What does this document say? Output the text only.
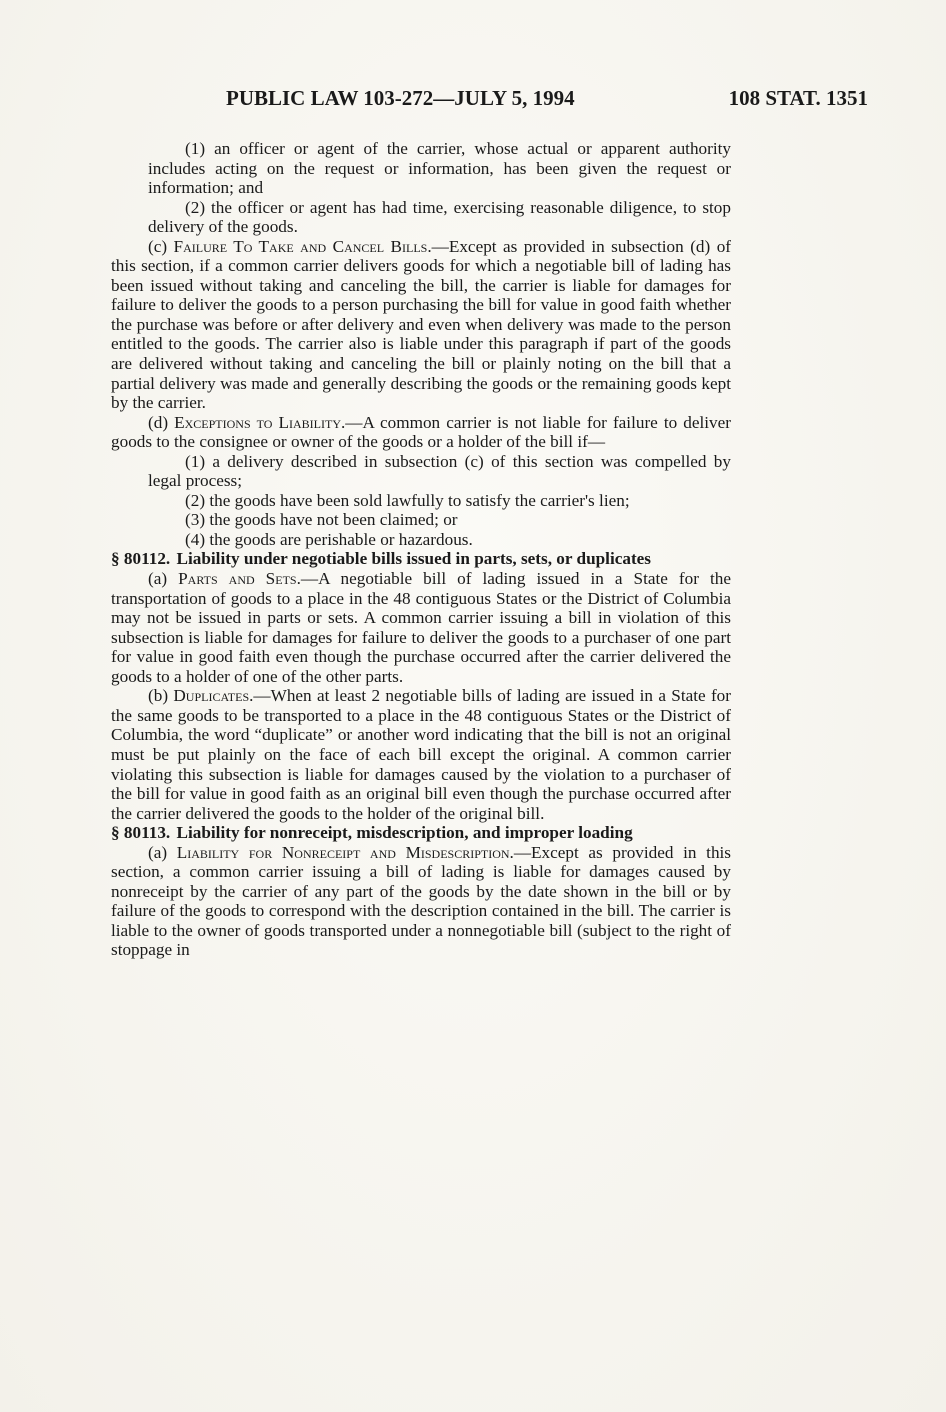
PUBLIC LAW 103-272—JULY 5, 1994	108 STAT. 1351

(1) an officer or agent of the carrier, whose actual or apparent authority includes acting on the request or information, has been given the request or information; and

(2) the officer or agent has had time, exercising reasonable diligence, to stop delivery of the goods.

(c) Failure To Take and Cancel Bills.—Except as provided in subsection (d) of this section, if a common carrier delivers goods for which a negotiable bill of lading has been issued without taking and canceling the bill, the carrier is liable for damages for failure to deliver the goods to a person purchasing the bill for value in good faith whether the purchase was before or after delivery and even when delivery was made to the person entitled to the goods. The carrier also is liable under this paragraph if part of the goods are delivered without taking and canceling the bill or plainly noting on the bill that a partial delivery was made and generally describing the goods or the remaining goods kept by the carrier.

(d) Exceptions to Liability.—A common carrier is not liable for failure to deliver goods to the consignee or owner of the goods or a holder of the bill if—

(1) a delivery described in subsection (c) of this section was compelled by legal process;

(2) the goods have been sold lawfully to satisfy the carrier's lien;

(3) the goods have not been claimed; or

(4) the goods are perishable or hazardous.

§ 80112. Liability under negotiable bills issued in parts, sets, or duplicates

(a) Parts and Sets.—A negotiable bill of lading issued in a State for the transportation of goods to a place in the 48 contiguous States or the District of Columbia may not be issued in parts or sets. A common carrier issuing a bill in violation of this subsection is liable for damages for failure to deliver the goods to a purchaser of one part for value in good faith even though the purchase occurred after the carrier delivered the goods to a holder of one of the other parts.

(b) Duplicates.—When at least 2 negotiable bills of lading are issued in a State for the same goods to be transported to a place in the 48 contiguous States or the District of Columbia, the word “duplicate” or another word indicating that the bill is not an original must be put plainly on the face of each bill except the original. A common carrier violating this subsection is liable for damages caused by the violation to a purchaser of the bill for value in good faith as an original bill even though the purchase occurred after the carrier delivered the goods to the holder of the original bill.

§ 80113. Liability for nonreceipt, misdescription, and improper loading

(a) Liability for Nonreceipt and Misdescription.—Except as provided in this section, a common carrier issuing a bill of lading is liable for damages caused by nonreceipt by the carrier of any part of the goods by the date shown in the bill or by failure of the goods to correspond with the description contained in the bill. The carrier is liable to the owner of goods transported under a nonnegotiable bill (subject to the right of stoppage in
